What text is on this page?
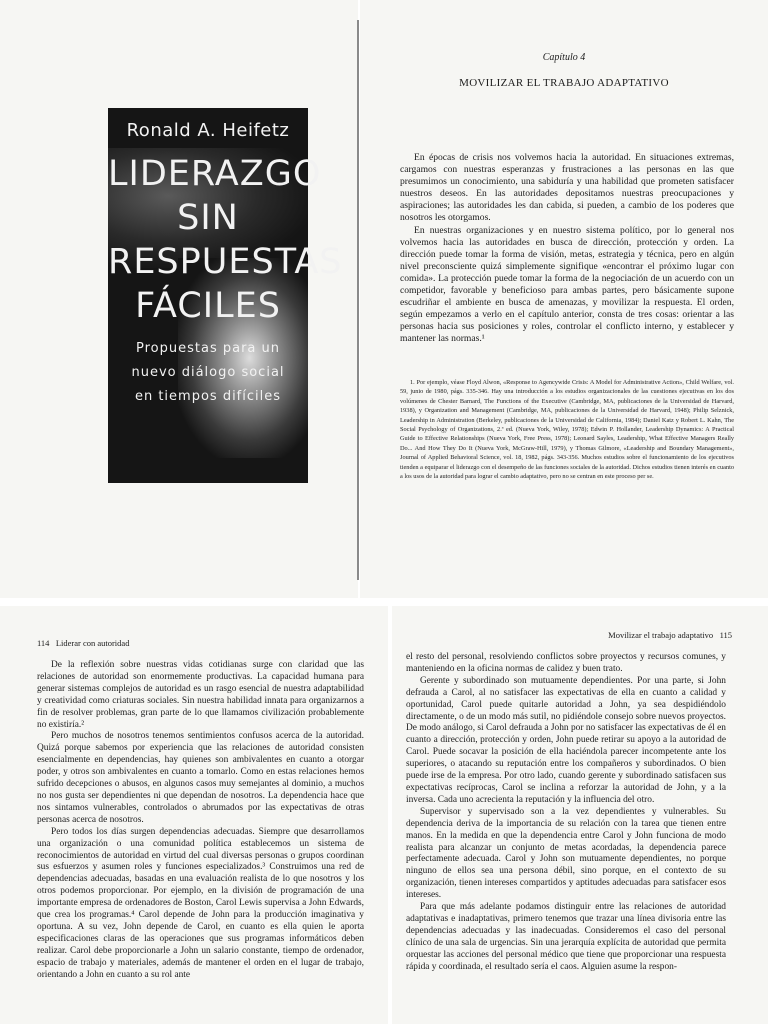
Ronald A. Heifetz
LIDERAZGO
SIN
RESPUESTAS
FÁCILES
Propuestas para un
nuevo diálogo social
en tiempos difíciles
Capítulo 4
MOVILIZAR EL TRABAJO ADAPTATIVO

En épocas de crisis nos volvemos hacia la autoridad. En situaciones extremas, cargamos con nuestras esperanzas y frustraciones a las personas en las que presumimos un conocimiento, una sabiduría y una habilidad que prometen satisfacer nuestros deseos. En las autoridades depositamos nuestras preocupaciones y aspiraciones; las autoridades les dan cabida, si pueden, a cambio de los poderes que nosotros les otorgamos.

En nuestras organizaciones y en nuestro sistema político, por lo general nos volvemos hacia las autoridades en busca de dirección, protección y orden. La dirección puede tomar la forma de visión, metas, estrategia y técnica, pero en algún nivel preconsciente quizá simplemente signifique «encontrar el próximo lugar con comida». La protección puede tomar la forma de la negociación de un acuerdo con un competidor, favorable y beneficioso para ambas partes, pero básicamente supone escudriñar el ambiente en busca de amenazas, y movilizar la respuesta. El orden, según empezamos a verlo en el capítulo anterior, consta de tres cosas: orientar a las personas hacia sus posiciones y roles, controlar el conflicto interno, y establecer y mantener las normas.¹

1. Por ejemplo, véase Floyd Alwon, «Response to Agencywide Crisis: A Model for Administrative Action», Child Welfare, vol. 59, junio de 1980, págs. 335-346. Hay una introducción a los estudios organizacionales de las cuestiones ejecutivas en los dos volúmenes de Chester Barnard, The Functions of the Executive (Cambridge, MA, publicaciones de la Universidad de Harvard, 1938), y Organization and Management (Cambridge, MA, publicaciones de la Universidad de Harvard, 1948); Philip Selznick, Leadership in Administration (Berkeley, publicaciones de la Universidad de California, 1984); Daniel Katz y Robert L. Kahn, The Social Psychology of Organizations, 2.ª ed. (Nueva York, Wiley, 1978); Edwin P. Hollander, Leadership Dynamics: A Practical Guide to Effective Relationships (Nueva York, Free Press, 1978); Leonard Sayles, Leadership, What Effective Managers Really Do... And How They Do It (Nueva York, McGraw-Hill, 1979), y Thomas Gilmore, «Leadership and Boundary Management», Journal of Applied Behavioral Science, vol. 18, 1982, págs. 343-356. Muchos estudios sobre el funcionamiento de los ejecutivos tienden a equiparar el liderazgo con el desempeño de las funciones sociales de la autoridad. Dichos estudios tienen interés en cuanto a los usos de la autoridad para lograr el cambio adaptativo, pero no se centran en este proceso per se.

114 Liderar con autoridad

De la reflexión sobre nuestras vidas cotidianas surge con claridad que las relaciones de autoridad son enormemente productivas. La capacidad humana para generar sistemas complejos de autoridad es un rasgo esencial de nuestra adaptabilidad y creatividad como criaturas sociales. Sin nuestra habilidad innata para organizarnos a fin de resolver problemas, gran parte de lo que llamamos civilización probablemente no existiría.²

Pero muchos de nosotros tenemos sentimientos confusos acerca de la autoridad. Quizá porque sabemos por experiencia que las relaciones de autoridad consisten esencialmente en dependencias, hay quienes son ambivalentes en cuanto a otorgar poder, y otros son ambivalentes en cuanto a tomarlo. Como en estas relaciones hemos sufrido decepciones o abusos, en algunos casos muy semejantes al dominio, a muchos no nos gusta ser dependientes ni que dependan de nosotros. La dependencia hace que nos sintamos vulnerables, controlados o abrumados por las expectativas de otras personas acerca de nosotros.

Pero todos los días surgen dependencias adecuadas. Siempre que desarrollamos una organización o una comunidad política establecemos un sistema de reconocimientos de autoridad en virtud del cual diversas personas o grupos coordinan sus esfuerzos y asumen roles y funciones especializados.³ Construimos una red de dependencias adecuadas, basadas en una evaluación realista de lo que nosotros y los otros podemos proporcionar. Por ejemplo, en la división de programación de una importante empresa de ordenadores de Boston, Carol Lewis supervisa a John Edwards, que crea los programas.⁴ Carol depende de John para la producción imaginativa y oportuna. A su vez, John depende de Carol, en cuanto es ella quien le aporta especificaciones claras de las operaciones que sus programas informáticos deben realizar. Carol debe proporcionarle a John un salario constante, tiempo de ordenador, espacio de trabajo y materiales, además de mantener el orden en el lugar de trabajo, orientando a John en cuanto a su rol ante

Movilizar el trabajo adaptativo 115

el resto del personal, resolviendo conflictos sobre proyectos y recursos comunes, y manteniendo en la oficina normas de calidez y buen trato.

Gerente y subordinado son mutuamente dependientes. Por una parte, si John defrauda a Carol, al no satisfacer las expectativas de ella en cuanto a calidad y oportunidad, Carol puede quitarle autoridad a John, ya sea despidiéndolo directamente, o de un modo más sutil, no pidiéndole consejo sobre nuevos proyectos. De modo análogo, si Carol defrauda a John por no satisfacer las expectativas de él en cuanto a dirección, protección y orden, John puede retirar su apoyo a la autoridad de Carol. Puede socavar la posición de ella haciéndola parecer incompetente ante los superiores, o atacando su reputación entre los compañeros y subordinados. O bien puede irse de la empresa. Por otro lado, cuando gerente y subordinado satisfacen sus expectativas recíprocas, Carol se inclina a reforzar la autoridad de John, y a la inversa. Cada uno acrecienta la reputación y la influencia del otro.

Supervisor y supervisado son a la vez dependientes y vulnerables. Su dependencia deriva de la importancia de su relación con la tarea que tienen entre manos. En la medida en que la dependencia entre Carol y John funciona de modo realista para alcanzar un conjunto de metas acordadas, la dependencia parece perfectamente adecuada. Carol y John son mutuamente dependientes, no porque ninguno de ellos sea una persona débil, sino porque, en el contexto de su organización, tienen intereses compartidos y aptitudes adecuadas para satisfacer esos intereses.

Para que más adelante podamos distinguir entre las relaciones de autoridad adaptativas e inadaptativas, primero tenemos que trazar una línea divisoria entre las dependencias adecuadas y las inadecuadas. Consideremos el caso del personal clínico de una sala de urgencias. Sin una jerarquía explícita de autoridad que permita orquestar las acciones del personal médico que tiene que proporcionar una respuesta rápida y coordinada, el resultado sería el caos. Alguien asume la respon-
